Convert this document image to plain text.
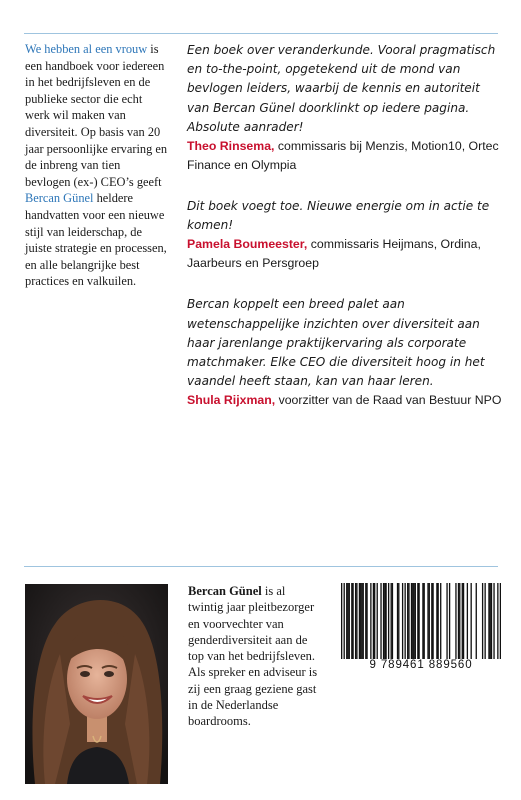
We hebben al een vrouw is een handboek voor iedereen in het bedrijfsleven en de publieke sector die echt werk wil maken van diversiteit. Op basis van 20 jaar persoonlijke ervaring en de inbreng van tien bevlogen (ex-) CEO’s geeft Bercan Günel heldere handvatten voor een nieuwe stijl van leiderschap, de juiste strategie en processen, en alle belangrijke best practices en valkuilen.
Een boek over veranderkunde. Vooral pragmatisch en to-the-point, opgetekend uit de mond van bevlogen leiders, waarbij de kennis en autoriteit van Bercan Günel doorklinkt op iedere pagina. Absolute aanrader!
Theo Rinsema, commissaris bij Menzis, Motion10, Ortec Finance en Olympia
Dit boek voegt toe. Nieuwe energie om in actie te komen!
Pamela Boumeester, commissaris Heijmans, Ordina, Jaarbeurs en Persgroep
Bercan koppelt een breed palet aan wetenschappelijke inzichten over diversiteit aan haar jarenlange praktijkervaring als corporate matchmaker. Elke CEO die diversiteit hoog in het vaandel heeft staan, kan van haar leren.
Shula Rijxman, voorzitter van de Raad van Bestuur NPO
Bercan Günel is al twintig jaar pleitbezorger en voorvechter van genderdiversiteit aan de top van het bedrijfsleven. Als spreker en adviseur is zij een graag geziene gast in de Nederlandse boardrooms.
9 789461 889560
